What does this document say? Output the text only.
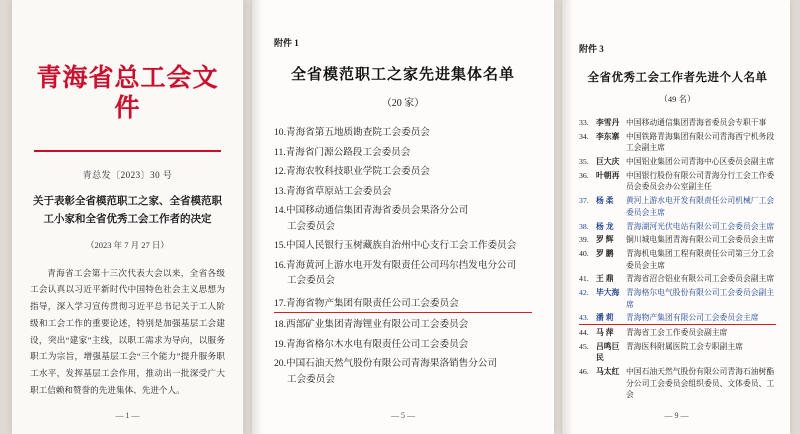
青海省总工会文件
青总发〔2023〕30 号
关于表彰全省模范职工之家、全省模范职工小家和全省优秀工会工作者的决定
（2023 年 7 月 27 日）
青海省工会第十三次代表大会以来，全省各级工会认真以习近平新时代中国特色社会主义思想为指导，深入学习宣传贯彻习近平总书记关于工人阶级和工会工作的重要论述，特别是加强基层工会建设，突出“建家”主线，以职工需求为导向，以服务职工为宗旨，增强基层工会“三个能力”提升服务职工水平，发挥基层工会作用，推动出一批深受广大职工信赖和赞誉的先进集体、先进个人。
— 1 —
附件 1
全省模范职工之家先进集体名单
（20 家）
10.青海省第五地质勘查院工会委员会
11.青海省门源公路段工会委员会
12.青海农牧科技职业学院工会委员会
13.青海省草原站工会委员会
14.中国移动通信集团青海省委员会果洛分公司
工会委员会
15.中国人民银行玉树藏族自治州中心支行工会工作委员会
16.青海黄河上游水电开发有限责任公司玛尔挡发电分公司
工会委员会
17.青海省物产集团有限责任公司工会委员会
18.西部矿业集团青海锂业有限公司工会委员会
19.青海省格尔木水电有限责任公司工会委员会
20.中国石油天然气股份有限公司青海果洛销售分公司
工会委员会
— 5 —
附件 3
全省优秀工会工作者先进个人名单
（49 名）
33. 李雪丹 中国移动通信集团青海省委员会专职干事
34. 李东寨 中国铁路青海集团有限公司青海西宁机务段工会副主席
35. 巨大庆 中国铝业集团公司青海中心区委员会副主席
36. 叶朝再 中国银行股份有限公司青海分行工会工作委员会委员会办公室副主任
37. 杨 柔	黄河上游水电开发有限责任公司机械厂工会委员会主席
38. 杨 龙	青海湖河光伏电站有限公司工会委员会主席
39. 罗 辉	铜川城电集团青海有限公司工会委员会主席
40. 罗 鹏	青海机电集团工程有限责任公司第三分工会委员会主席
41. 王 鼎	青海省沼合铝业有限公司工会委员会副主席
42. 毕大海 青海格尔电气股份有限公司工会委员会副主席
43. 潘 莉	青海物产集团有限公司工会委员会主席
44. 马 萍	青海省工会工作委员会副主席
45. 吕鸣巨民
青海医科附属医院工会专职副主席
46. 马太红 中国石油天然气股份有限公司青海石油树酯分公司工会委员会组织委员、文体委员、工会
— 9 —
